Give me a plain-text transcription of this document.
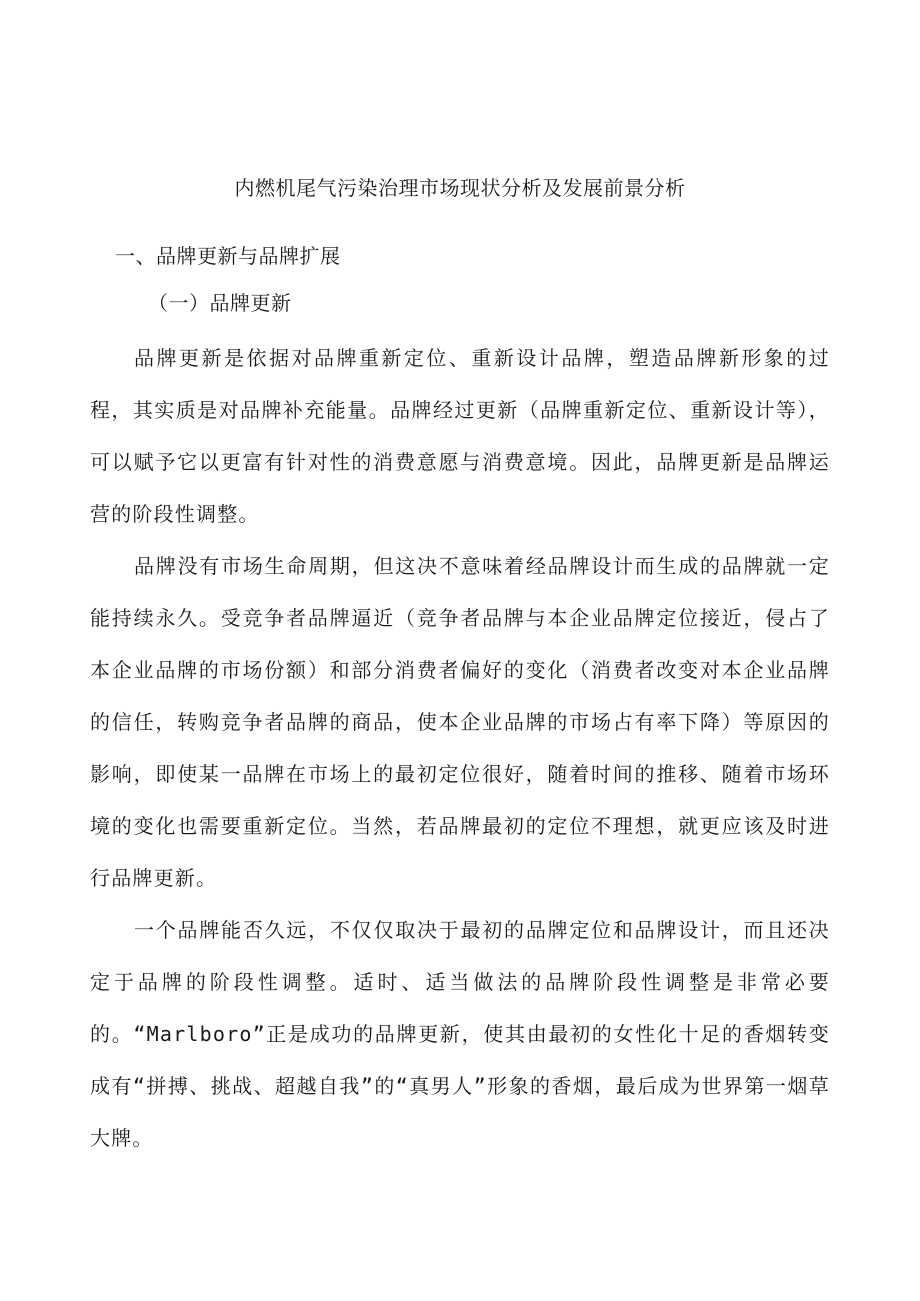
内燃机尾气污染治理市场现状分析及发展前景分析
一、品牌更新与品牌扩展
（一）品牌更新

品牌更新是依据对品牌重新定位、重新设计品牌，塑造品牌新形象的过程，其实质是对品牌补充能量。品牌经过更新（品牌重新定位、重新设计等），可以赋予它以更富有针对性的消费意愿与消费意境。因此，品牌更新是品牌运营的阶段性调整。

品牌没有市场生命周期，但这决不意味着经品牌设计而生成的品牌就一定能持续永久。受竞争者品牌逼近（竞争者品牌与本企业品牌定位接近，侵占了本企业品牌的市场份额）和部分消费者偏好的变化（消费者改变对本企业品牌的信任，转购竞争者品牌的商品，使本企业品牌的市场占有率下降）等原因的影响，即使某一品牌在市场上的最初定位很好，随着时间的推移、随着市场环境的变化也需要重新定位。当然，若品牌最初的定位不理想，就更应该及时进行品牌更新。

一个品牌能否久远，不仅仅取决于最初的品牌定位和品牌设计，而且还决定于品牌的阶段性调整。适时、适当做法的品牌阶段性调整是非常必要的。“Marlboro”正是成功的品牌更新，使其由最初的女性化十足的香烟转变成有“拼搏、挑战、超越自我”的“真男人”形象的香烟，最后成为世界第一烟草大牌。
